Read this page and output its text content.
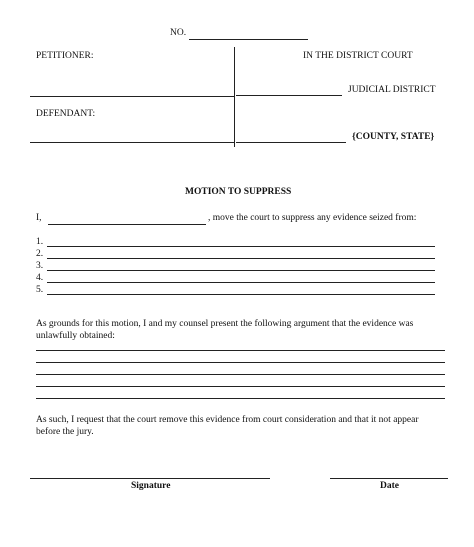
NO.
PETITIONER:	IN THE DISTRICT COURT
JUDICIAL DISTRICT
DEFENDANT:
{COUNTY, STATE}
MOTION TO SUPPRESS
I,	, move the court to suppress any evidence seized from:
1.
2.
3.
4.
5.

As grounds for this motion, I and my counsel present the following argument that the evidence was unlawfully obtained:

As such, I request that the court remove this evidence from court consideration and that it not appear before the jury.

Signature	Date
